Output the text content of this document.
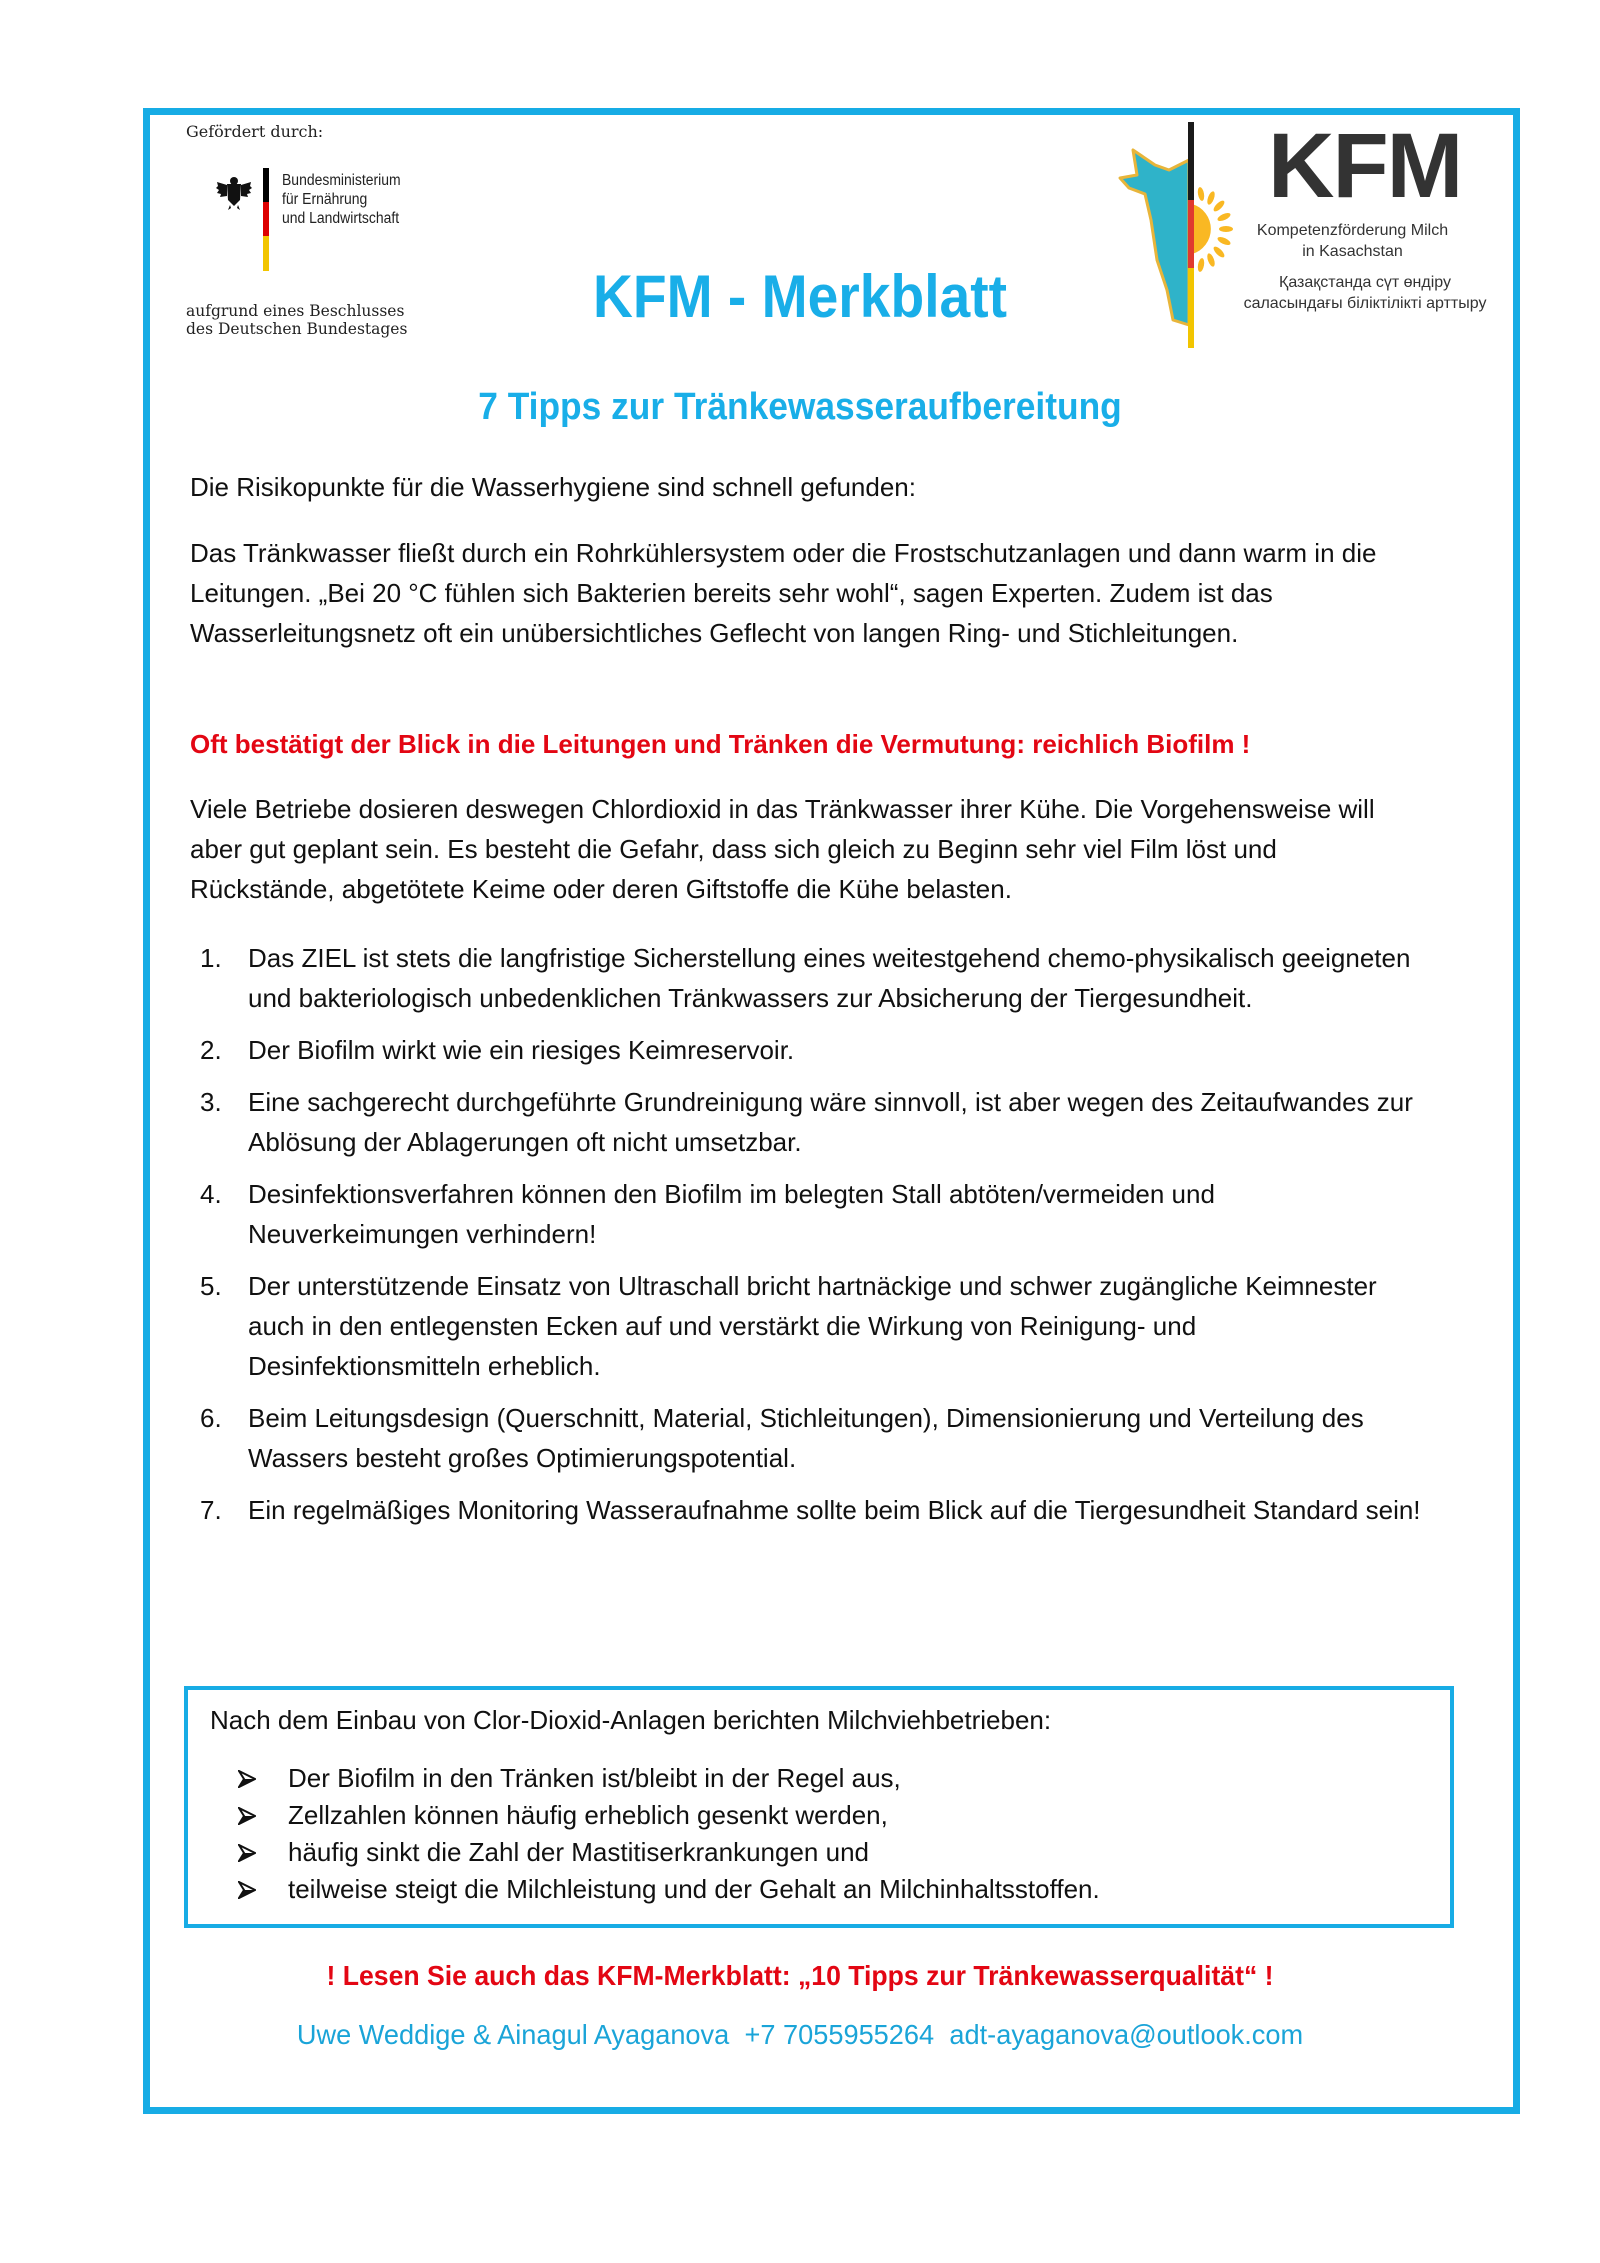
Gefördert durch:
Bundesministerium
für Ernährung
und Landwirtschaft
aufgrund eines Beschlusses
des Deutschen Bundestages
KFM
Kompetenzförderung Milch
in Kasachstan
Қазақстанда сүт өндіру
саласындағы біліктілікті арттыру
KFM - Merkblatt
7 Tipps zur Tränkewasseraufbereitung
Die Risikopunkte für die Wasserhygiene sind schnell gefunden:
Das Tränkwasser fließt durch ein Rohrkühlersystem oder die Frostschutzanlagen und dann warm in die Leitungen. „Bei 20 °C fühlen sich Bakterien bereits sehr wohl“, sagen Experten. Zudem ist das Wasserleitungsnetz oft ein unübersichtliches Geflecht von langen Ring- und Stichleitungen.
Oft bestätigt der Blick in die Leitungen und Tränken die Vermutung: reichlich Biofilm !
Viele Betriebe dosieren deswegen Chlordioxid in das Tränkwasser ihrer Kühe. Die Vorgehensweise will aber gut geplant sein. Es besteht die Gefahr, dass sich gleich zu Beginn sehr viel Film löst und Rückstände, abgetötete Keime oder deren Giftstoffe die Kühe belasten.
1. Das ZIEL ist stets die langfristige Sicherstellung eines weitestgehend chemo-physikalisch geeigneten und bakteriologisch unbedenklichen Tränkwassers zur Absicherung der Tiergesundheit.
2. Der Biofilm wirkt wie ein riesiges Keimreservoir.
3. Eine sachgerecht durchgeführte Grundreinigung wäre sinnvoll, ist aber wegen des Zeitaufwandes zur Ablösung der Ablagerungen oft nicht umsetzbar.
4. Desinfektionsverfahren können den Biofilm im belegten Stall abtöten/vermeiden und Neuverkeimungen verhindern!
5. Der unterstützende Einsatz von Ultraschall bricht hartnäckige und schwer zugängliche Keimnester auch in den entlegensten Ecken auf und verstärkt die Wirkung von Reinigung- und Desinfektionsmitteln erheblich.
6. Beim Leitungsdesign (Querschnitt, Material, Stichleitungen), Dimensionierung und Verteilung des Wassers besteht großes Optimierungspotential.
7. Ein regelmäßiges Monitoring Wasseraufnahme sollte beim Blick auf die Tiergesundheit Standard sein!
Nach dem Einbau von Clor-Dioxid-Anlagen berichten Milchviehbetrieben:
Der Biofilm in den Tränken ist/bleibt in der Regel aus,
Zellzahlen können häufig erheblich gesenkt werden,
häufig sinkt die Zahl der Mastitiserkrankungen und
teilweise steigt die Milchleistung und der Gehalt an Milchinhaltsstoffen.
! Lesen Sie auch das KFM-Merkblatt: „10 Tipps zur Tränkewasserqualität“ !
Uwe Weddige & Ainagul Ayaganova +7 7055955264 adt-ayaganova@outlook.com
